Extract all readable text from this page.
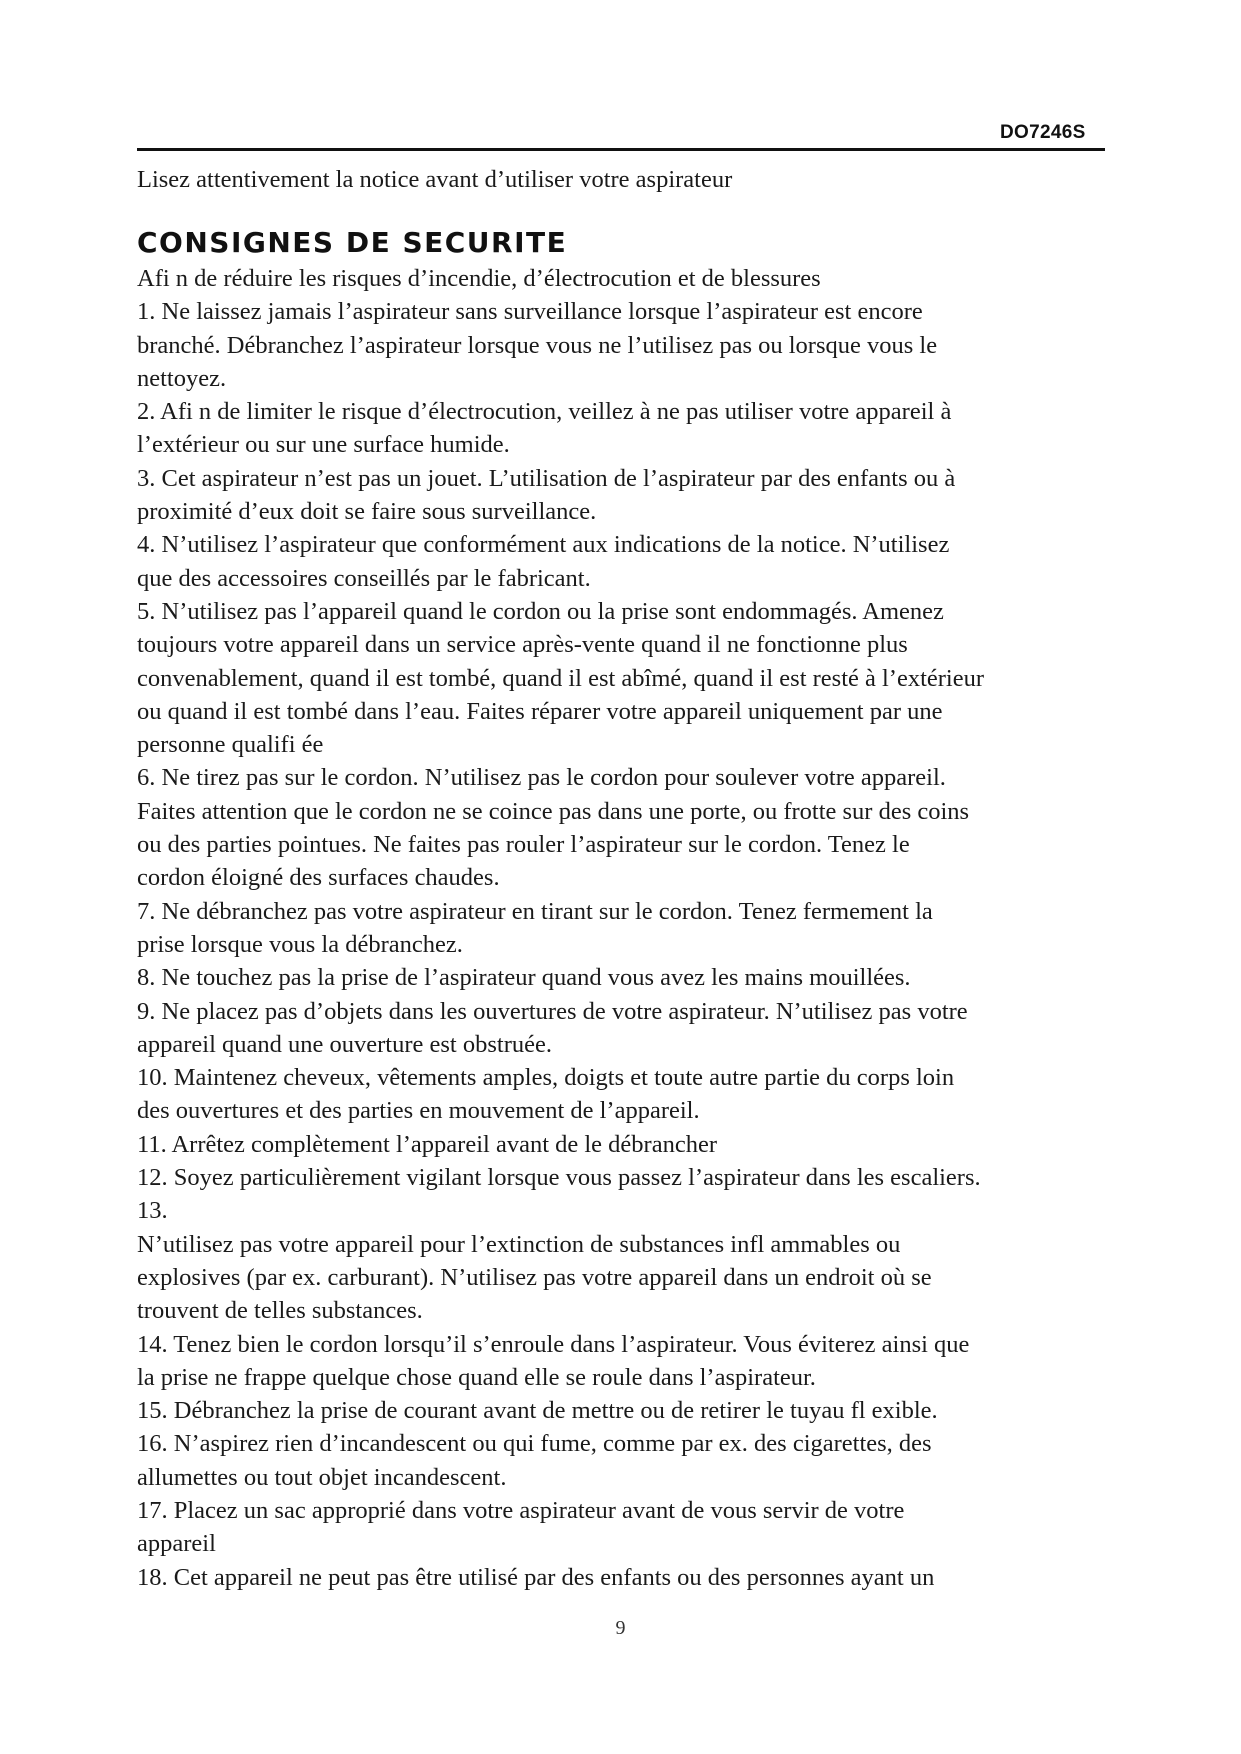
DO7246S
Lisez attentivement la notice avant d’utiliser votre aspirateur
CONSIGNES DE SECURITE
Afi n de réduire les risques d’incendie, d’électrocution et de blessures
1. Ne laissez jamais l’aspirateur sans surveillance lorsque l’aspirateur est encore
branché. Débranchez l’aspirateur lorsque vous ne l’utilisez pas ou lorsque vous le
nettoyez.
2. Afi n de limiter le risque d’électrocution, veillez à ne pas utiliser votre appareil à
l’extérieur ou sur une surface humide.
3. Cet aspirateur n’est pas un jouet. L’utilisation de l’aspirateur par des enfants ou à
proximité d’eux doit se faire sous surveillance.
4. N’utilisez l’aspirateur que conformément aux indications de la notice. N’utilisez
que des accessoires conseillés par le fabricant.
5. N’utilisez pas l’appareil quand le cordon ou la prise sont endommagés. Amenez
toujours votre appareil dans un service après-vente quand il ne fonctionne plus
convenablement, quand il est tombé, quand il est abîmé, quand il est resté à l’extérieur
ou quand il est tombé dans l’eau. Faites réparer votre appareil uniquement par une
personne qualifi ée
6. Ne tirez pas sur le cordon. N’utilisez pas le cordon pour soulever votre appareil.
Faites attention que le cordon ne se coince pas dans une porte, ou frotte sur des coins
ou des parties pointues. Ne faites pas rouler l’aspirateur sur le cordon. Tenez le
cordon éloigné des surfaces chaudes.
7. Ne débranchez pas votre aspirateur en tirant sur le cordon. Tenez fermement la
prise lorsque vous la débranchez.
8. Ne touchez pas la prise de l’aspirateur quand vous avez les mains mouillées.
9. Ne placez pas d’objets dans les ouvertures de votre aspirateur. N’utilisez pas votre
appareil quand une ouverture est obstruée.
10. Maintenez cheveux, vêtements amples, doigts et toute autre partie du corps loin
des ouvertures et des parties en mouvement de l’appareil.
11. Arrêtez complètement l’appareil avant de le débrancher
12. Soyez particulièrement vigilant lorsque vous passez l’aspirateur dans les escaliers.
13.
N’utilisez pas votre appareil pour l’extinction de substances infl ammables ou
explosives (par ex. carburant). N’utilisez pas votre appareil dans un endroit où se
trouvent de telles substances.
14. Tenez bien le cordon lorsqu’il s’enroule dans l’aspirateur. Vous éviterez ainsi que
la prise ne frappe quelque chose quand elle se roule dans l’aspirateur.
15. Débranchez la prise de courant avant de mettre ou de retirer le tuyau fl exible.
16. N’aspirez rien d’incandescent ou qui fume, comme par ex. des cigarettes, des
allumettes ou tout objet incandescent.
17. Placez un sac approprié dans votre aspirateur avant de vous servir de votre
appareil
18. Cet appareil ne peut pas être utilisé par des enfants ou des personnes ayant un
9
